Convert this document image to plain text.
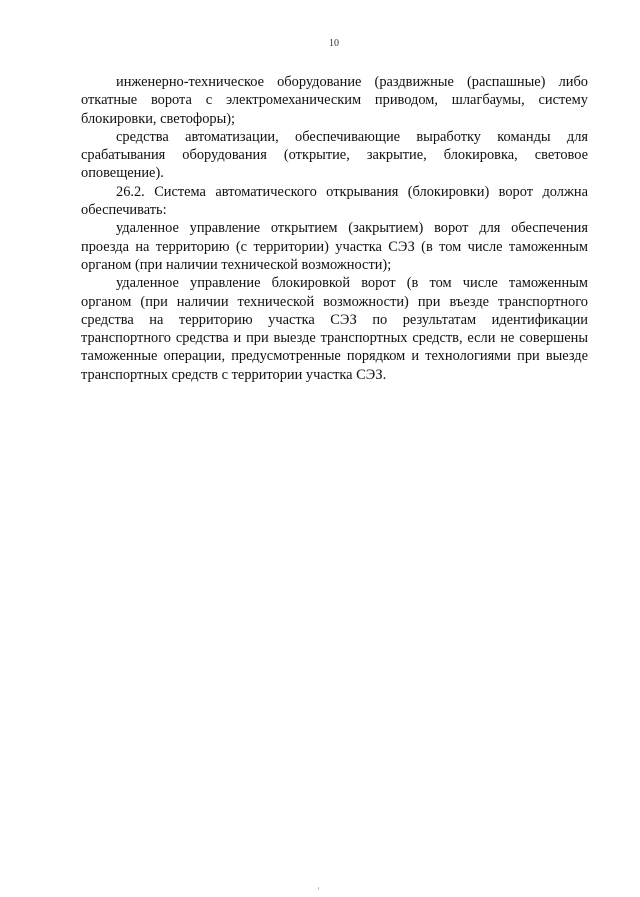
10

инженерно-техническое оборудование (раздвижные (распашные) либо откатные ворота с электромеханическим приводом, шлагбаумы, систему блокировки, светофоры);

средства автоматизации, обеспечивающие выработку команды для срабатывания оборудования (открытие, закрытие, блокировка, световое оповещение).

26.2. Система автоматического открывания (блокировки) ворот должна обеспечивать:

удаленное управление открытием (закрытием) ворот для обеспечения проезда на территорию (с территории) участка СЭЗ (в том числе таможенным органом (при наличии технической возможности);

удаленное управление блокировкой ворот (в том числе таможенным органом (при наличии технической возможности) при въезде транспортного средства на территорию участка СЭЗ по результатам идентификации транспортного средства и при выезде транспортных средств, если не совершены таможенные операции, предусмотренные порядком и технологиями при выезде транспортных средств с территории участка СЭЗ.
